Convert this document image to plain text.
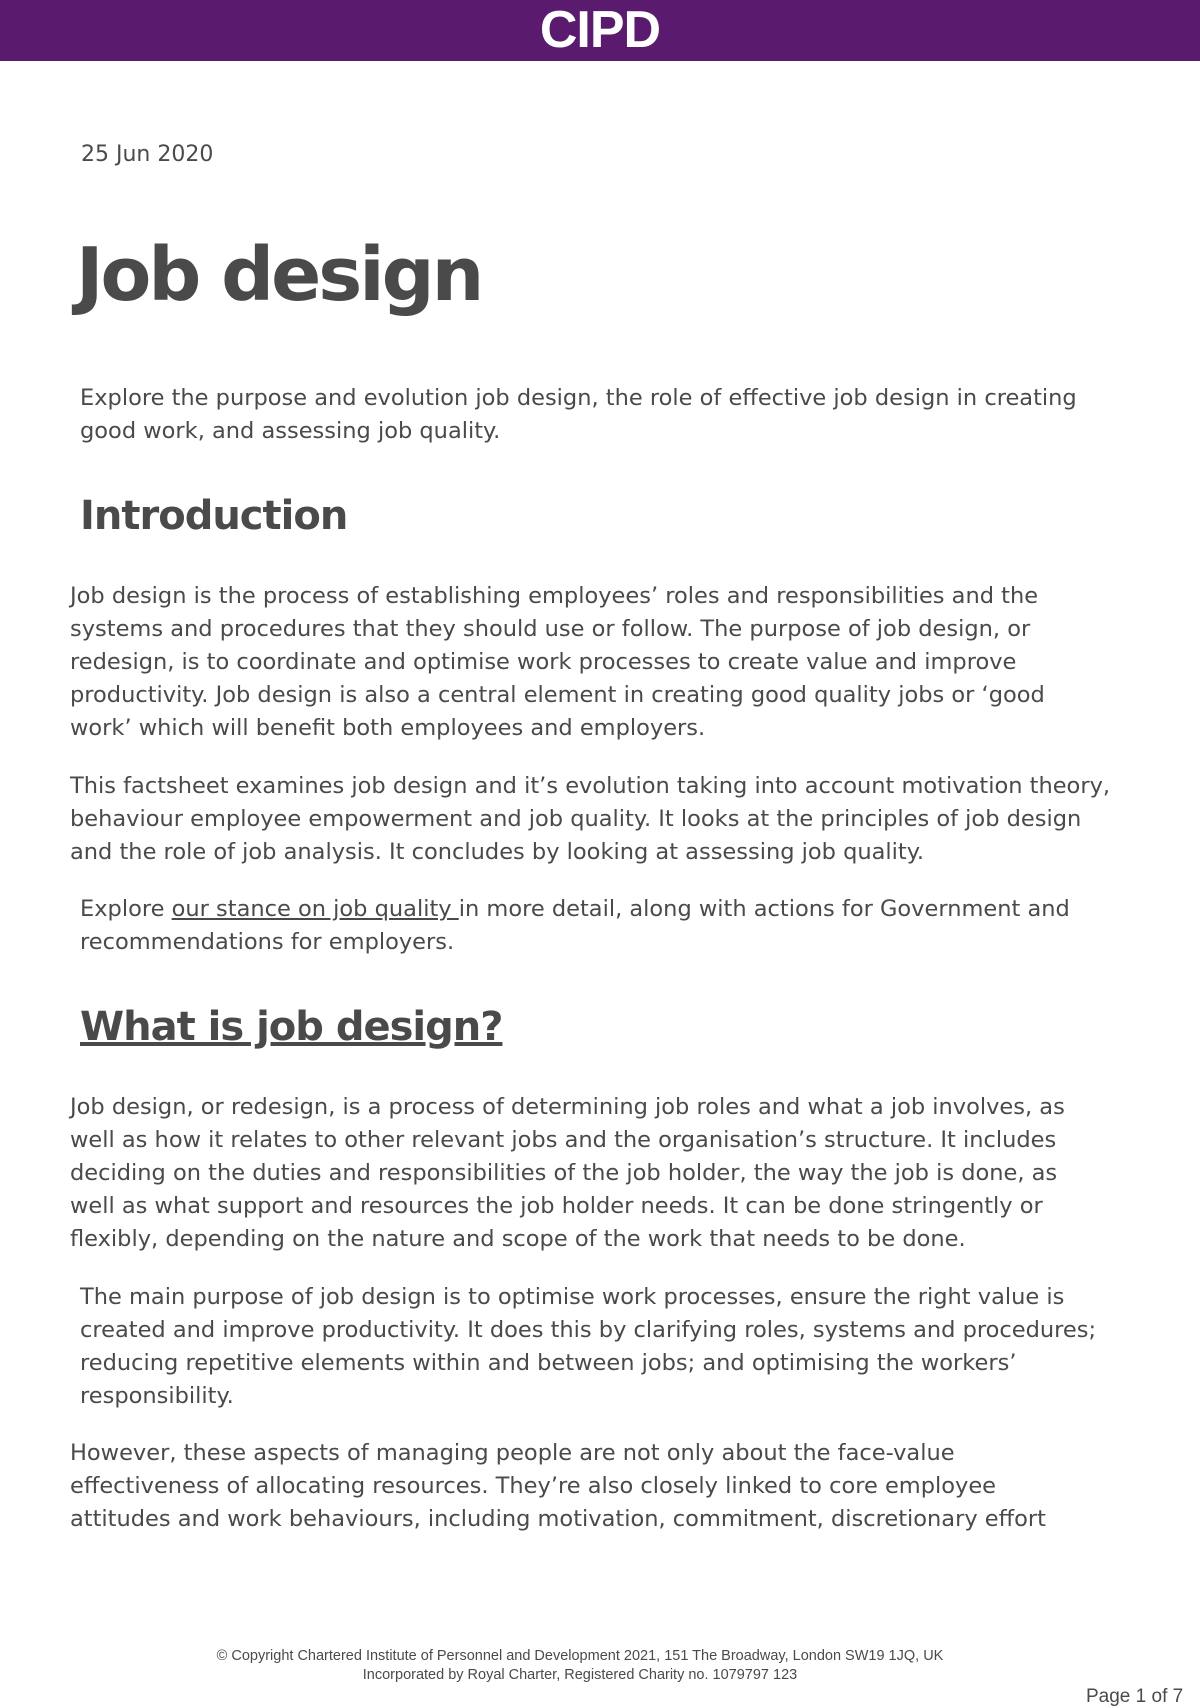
CIPD
25 Jun 2020
Job design

Explore the purpose and evolution job design, the role of effective job design in creating good work, and assessing job quality.

Introduction

Job design is the process of establishing employees’ roles and responsibilities and the systems and procedures that they should use or follow. The purpose of job design, or redesign, is to coordinate and optimise work processes to create value and improve productivity. Job design is also a central element in creating good quality jobs or ‘good work’ which will benefit both employees and employers.

This factsheet examines job design and it’s evolution taking into account motivation theory, behaviour employee empowerment and job quality. It looks at the principles of job design and the role of job analysis. It concludes by looking at assessing job quality.

Explore our stance on job quality in more detail, along with actions for Government and recommendations for employers.

What is job design?

Job design, or redesign, is a process of determining job roles and what a job involves, as well as how it relates to other relevant jobs and the organisation’s structure. It includes deciding on the duties and responsibilities of the job holder, the way the job is done, as well as what support and resources the job holder needs. It can be done stringently or flexibly, depending on the nature and scope of the work that needs to be done.

The main purpose of job design is to optimise work processes, ensure the right value is created and improve productivity. It does this by clarifying roles, systems and procedures; reducing repetitive elements within and between jobs; and optimising the workers’ responsibility.

However, these aspects of managing people are not only about the face-value effectiveness of allocating resources. They’re also closely linked to core employee attitudes and work behaviours, including motivation, commitment, discretionary effort

© Copyright Chartered Institute of Personnel and Development 2021, 151 The Broadway, London SW19 1JQ, UK
Incorporated by Royal Charter, Registered Charity no. 1079797 123
Page 1 of 7
